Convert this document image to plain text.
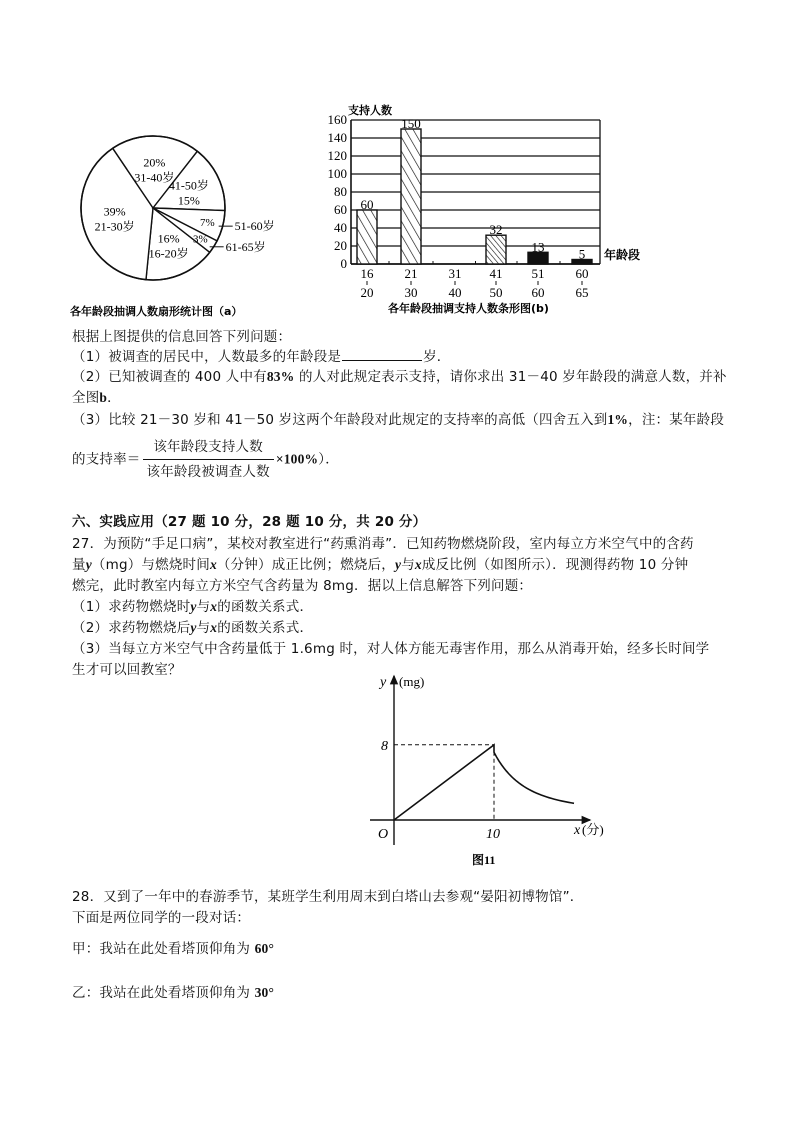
16%
16-20岁
39%
21-30岁
20%
31-40岁
41-50岁
15%
7% 51-60岁
3%
61-65岁
各年龄段抽调人数扇形统计图（a）
支持人数
0
20
40
60
80
100
120
140
160
60
150
32
13	5
16
20
21
30
31
40
41
50
51
60
60
65
年龄段
各年龄段抽调支持人数条形图(b)
根据上图提供的信息回答下列问题：
（1）被调查的居民中，人数最多的年龄段是	岁．
（2）已知被调查的 400 人中有83% 的人对此规定表示支持，请你求出 31－40 岁年龄段的满意人数，并补
全图b．
（3）比较 21－30 岁和 41－50 岁这两个年龄段对此规定的支持率的高低（四舍五入到1%，注：某年龄段
的支持率＝ $\frac{\text{该年龄段支持人数}}{\text{该年龄段被调查人数}} \times 100\%$）．
六、实践应用（27 题 10 分，28 题 10 分，共 20 分）
27．为预防“手足口病”，某校对教室进行“药熏消毒”．已知药物燃烧阶段，室内每立方米空气中的含药
量y（mg）与燃烧时间x（分钟）成正比例；燃烧后，y与x成反比例（如图所示）．现测得药物 10 分钟
燃完，此时教室内每立方米空气含药量为 8mg．据以上信息解答下列问题：
（1）求药物燃烧时y与x的函数关系式．
（2）求药物燃烧后y与x的函数关系式．
（3）当每立方米空气中含药量低于 1.6mg 时，对人体方能无毒害作用，那么从消毒开始，经多长时间学
生才可以回教室？
y (mg)
x (分)
O
8
10
图11
28．又到了一年中的春游季节，某班学生利用周末到白塔山去参观“晏阳初博物馆”．
下面是两位同学的一段对话：
甲：我站在此处看塔顶仰角为 60°
乙：我站在此处看塔顶仰角为 30°
